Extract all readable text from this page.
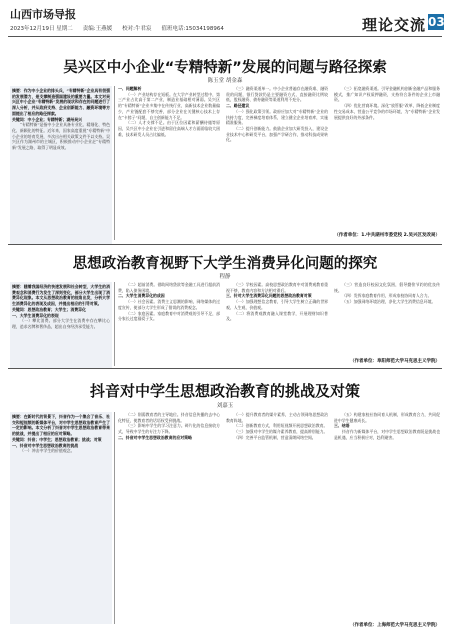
山西市场导报
2023年12月19日 星期二 责编:王燕媛 校对:牛君宸 值班电话:15034198964	理论交流 03
吴兴区中小企业“专精特新”发展的问题与路径探索
陈玉堂 胡金森

摘要：作为中小企业的排头兵，“专精特新”企业具有很强的发展潜力，是支撑制造强国建设的重要力量。本文对吴兴区中小企业“专精特新”发展的现状和存在的问题进行了深入分析，并从政府支持、企业创新能力、融资环境等方面提出了相应的路径探索。

关键词：中小企业；专精特新；湖州吴兴

“专精特新”是指中小企业具备专业化、精细化、特色化、新颖化的特征。近年来，国家高度重视“专精特新”中小企业的培育发展，多次出台相关政策文件予以支持。吴兴区作为湖州市的主城区，积极推动中小企业走“专精特新”发展之路，取得了明显成效。

一、问题解析

（一）产业结构存在短板。在大学产业转型过程中，第三产业占比高于第二产业，制造业基础相对薄弱。吴兴区的“专精特新”企业多集中在传统行业，高新技术企业数量偏少，产业链配套不够完善，部分企业在关键核心技术上存在“卡脖子”问题，自主创新能力不足。

（二）人才支撑不足。由于区位因素和薪酬待遇等原因，吴兴区中小企业在引进和留住高端人才方面面临较大困难，技术研发人员占比偏低。

（三）融资渠道单一。中小企业普遍存在融资难、融资贵的问题，银行贷款仍是主要融资方式，直接融资比例较低，股权融资、债券融资等渠道利用不充分。

二、路径建议

（一）强化政策引领。政府应加大对“专精特新”企业的扶持力度，完善梯度培育体系，建立健全企业培育库，实施精准服务。

（二）提升创新能力。鼓励企业加大研发投入，建设企业技术中心和研发平台，加强产学研合作，推动科技成果转化。

（三）拓宽融资渠道。引导金融机构创新金融产品和服务模式，推广知识产权质押融资，支持符合条件的企业上市融资。

（四）优化营商环境。深化“放管服”改革，降低企业制度性交易成本，营造公平竞争的市场环境，为“专精特新”企业发展提供良好的外部条件。

（作者单位：1.中共湖州市委党校 2.吴兴区发改局）
思想政治教育视野下大学生消费异化问题的探究
程静

摘要：随着我国经济的快速发展和社会转型，大学生的消费观念和消费行为发生了深刻变化，部分大学生出现了消费异化现象。本文从思想政治教育的视角出发，分析大学生消费异化的表现及成因，并提出相应的引导对策。

关键词：思想政治教育；大学生；消费异化

一、大学生消费异化的表现

（一）攀比消费。部分大学生在消费中存在攀比心理，追求名牌和奢侈品，超出自身经济承受能力。

（二）超前消费。借助网络贷款等金融工具进行超前消费，陷入债务困境。

二、大学生消费异化的成因

（一）社会因素。消费主义思潮的影响，网络媒体的过度宣传，使部分大学生形成了错误的消费观念。

（二）家庭因素。家庭教育中对消费观的引导不足，部分家长过度溺爱子女。

（三）学校因素。高校思想政治教育中对消费观教育重视不够，教育内容和方法相对滞后。

三、针对大学生消费异化问题的思想政治教育对策

（一）加强理想信念教育，引导大学生树立正确的世界观、人生观、价值观。

（二）将消费观教育融入课堂教学，开展理财知识普及。

（三）营造良好校园文化氛围，倡导勤俭节约的优良传统。

（四）发挥家庭教育作用，形成家校协同育人合力。

（五）加强网络环境治理，净化大学生消费信息环境。

（作者单位：阜阳师范大学马克思主义学院）
抖音对中学生思想政治教育的挑战及对策
刘嘉玉

摘要：在新时代的背景下，抖音作为一个集合了音乐、社交和短视频的新媒体平台，对中学生思想政治教育产生了一定的影响。本文分析了抖音对中学生思想政治教育带来的挑战，并提出了相应的应对策略。

关键词：抖音；中学生；思想政治教育；挑战；对策

一、抖音对中学生思想政治教育的挑战

（一）冲击中学生的价值观念。

（二）削弱教育者的主导地位。抖音信息传播的去中心化特征，使教育者的话语权受到挑战。

（三）影响中学生的学习注意力。碎片化的信息接收方式，导致中学生的专注力下降。

二、抖音对中学生思想政治教育的应对策略

（一）提升教育者的媒介素养，主动占领网络思想政治教育阵地。

（二）创新教育方式，利用短视频开展思想政治教育。

（三）加强对中学生的媒介素养教育，提高辨别能力。

（四）完善平台监管机制，营造清朗网络空间。

（五）构建家校社协同育人机制，形成教育合力，共同促进中学生健康成长。

三、结语

抖音作为新媒体平台，对中学生思想政治教育既是挑战也是机遇，应当积极应对，趋利避害。

（作者单位：上海师范大学马克思主义学院）
